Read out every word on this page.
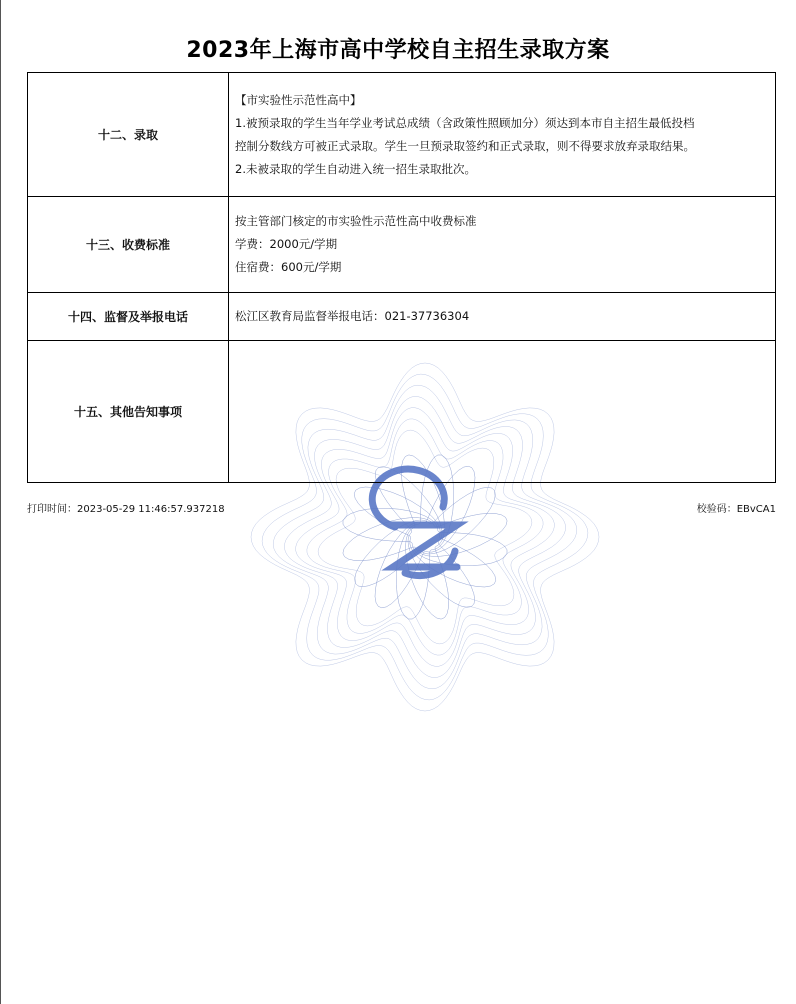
2023年上海市高中学校自主招生录取方案
十二、录取	【市实验性示范性高中】
1.被预录取的学生当年学业考试总成绩（含政策性照顾加分）须达到本市自主招生最低投档
控制分数线方可被正式录取。学生一旦预录取签约和正式录取，则不得要求放弃录取结果。
2.未被录取的学生自动进入统一招生录取批次。

十三、收费标准	按主管部门核定的市实验性示范性高中收费标准
学费：2000元/学期
住宿费：600元/学期

十四、监督及举报电话	松江区教育局监督举报电话：021-37736304
十五、其他告知事项	
打印时间：2023-05-29 11:46:57.937218	校验码：EBvCA1
